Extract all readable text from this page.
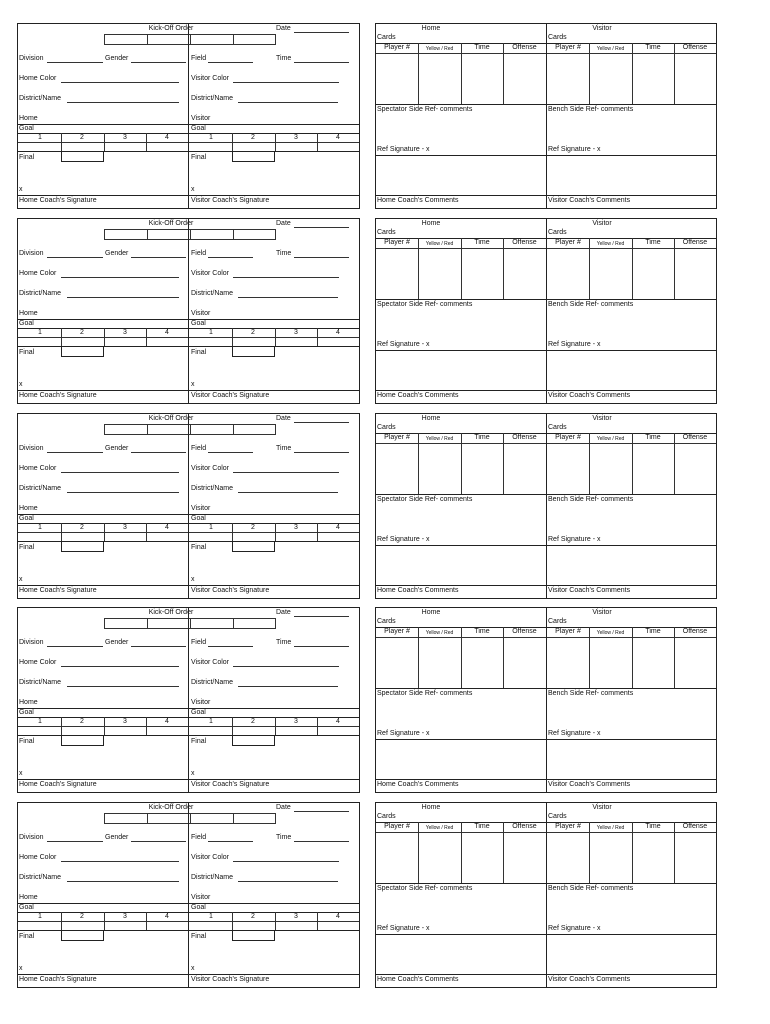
Kick-Off Order	Date
Division	Gender	Field	Time
Home Color	Visitor Color
District/Name	District/Name
Home	Visitor
Goal	Goal
1	2	3	4	1	2	3	4
Final	Final
x	x
Home Coach's Signature	Visitor Coach's Signature
Home	Visitor
Cards	Cards
Player #	Yellow / Red	Time	Offense	Player #	Yellow / Red	Time	Offense
Spectator Side Ref- comments	Bench Side Ref- comments
Ref Signature - x	Ref Signature - x
Home Coach's Comments	Visitor Coach's Comments
Kick-Off Order	Date
Division	Gender	Field	Time
Home Color	Visitor Color
District/Name	District/Name
Home	Visitor
Goal	Goal
1	2	3	4	1	2	3	4
Final	Final
x	x
Home Coach's Signature	Visitor Coach's Signature
Home	Visitor
Cards	Cards
Player #	Yellow / Red	Time	Offense	Player #	Yellow / Red	Time	Offense
Spectator Side Ref- comments	Bench Side Ref- comments
Ref Signature - x	Ref Signature - x
Home Coach's Comments	Visitor Coach's Comments
Kick-Off Order	Date
Division	Gender	Field	Time
Home Color	Visitor Color
District/Name	District/Name
Home	Visitor
Goal	Goal
1	2	3	4	1	2	3	4
Final	Final
x	x
Home Coach's Signature	Visitor Coach's Signature
Home	Visitor
Cards	Cards
Player #	Yellow / Red	Time	Offense	Player #	Yellow / Red	Time	Offense
Spectator Side Ref- comments	Bench Side Ref- comments
Ref Signature - x	Ref Signature - x
Home Coach's Comments	Visitor Coach's Comments
Kick-Off Order	Date
Division	Gender	Field	Time
Home Color	Visitor Color
District/Name	District/Name
Home	Visitor
Goal	Goal
1	2	3	4	1	2	3	4
Final	Final
x	x
Home Coach's Signature	Visitor Coach's Signature
Home	Visitor
Cards	Cards
Player #	Yellow / Red	Time	Offense	Player #	Yellow / Red	Time	Offense
Spectator Side Ref- comments	Bench Side Ref- comments
Ref Signature - x	Ref Signature - x
Home Coach's Comments	Visitor Coach's Comments
Kick-Off Order	Date
Division	Gender	Field	Time
Home Color	Visitor Color
District/Name	District/Name
Home	Visitor
Goal	Goal
1	2	3	4	1	2	3	4
Final	Final
x	x
Home Coach's Signature	Visitor Coach's Signature
Home	Visitor
Cards	Cards
Player #	Yellow / Red	Time	Offense	Player #	Yellow / Red	Time	Offense
Spectator Side Ref- comments	Bench Side Ref- comments
Ref Signature - x	Ref Signature - x
Home Coach's Comments	Visitor Coach's Comments
